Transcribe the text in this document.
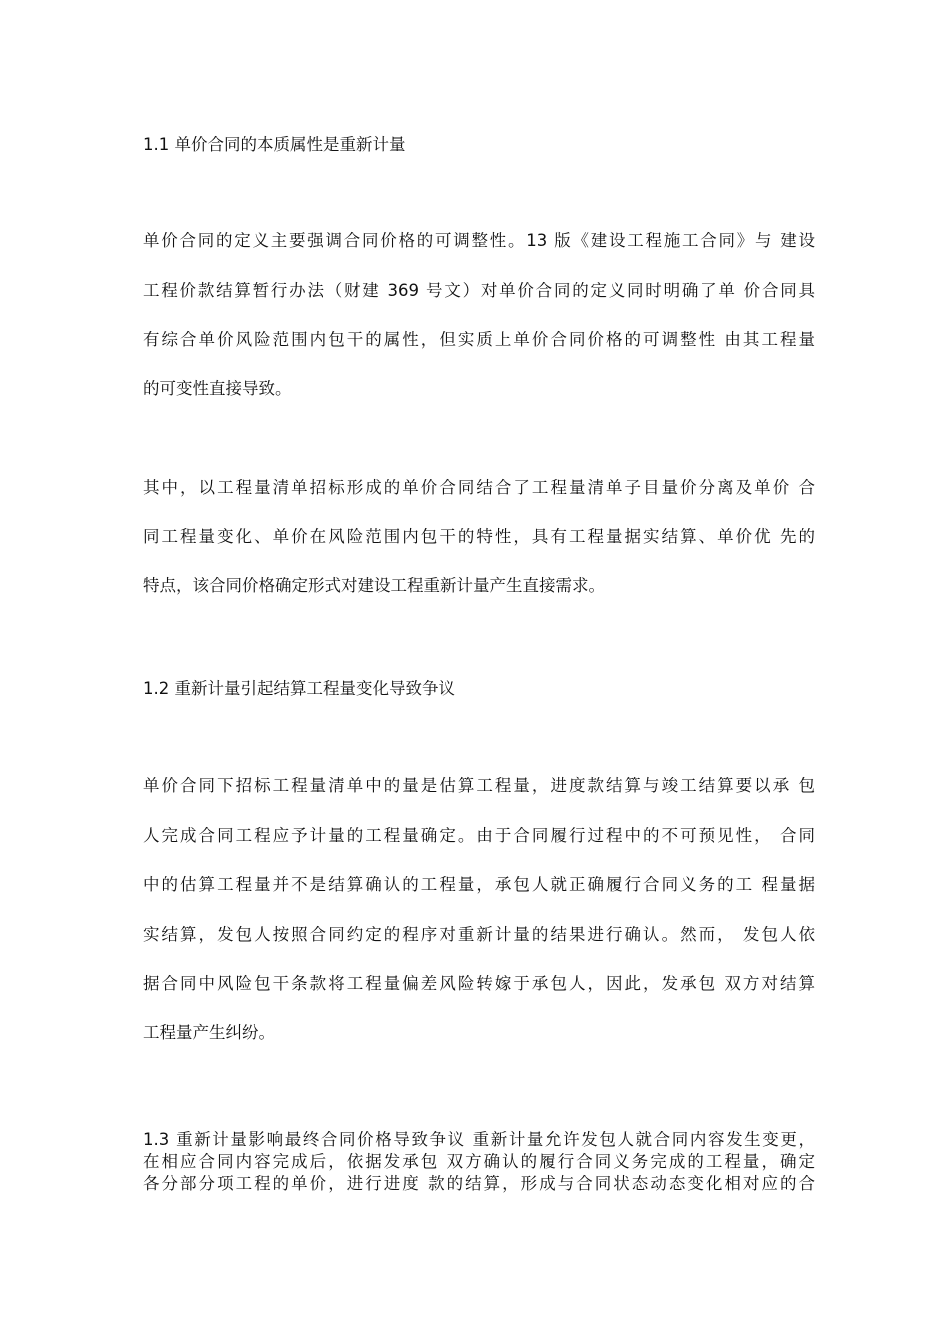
1.1 单价合同的本质属性是重新计量
单价合同的定义主要强调合同价格的可调整性。13 版《建设工程施工合同》与 建设
工程价款结算暂行办法（财建 369 号文）对单价合同的定义同时明确了单 价合同具
有综合单价风险范围内包干的属性，但实质上单价合同价格的可调整性 由其工程量
的可变性直接导致。
其中，以工程量清单招标形成的单价合同结合了工程量清单子目量价分离及单价 合
同工程量变化、单价在风险范围内包干的特性，具有工程量据实结算、单价优 先的
特点，该合同价格确定形式对建设工程重新计量产生直接需求。
1.2 重新计量引起结算工程量变化导致争议
单价合同下招标工程量清单中的量是估算工程量，进度款结算与竣工结算要以承 包
人完成合同工程应予计量的工程量确定。由于合同履行过程中的不可预见性， 合同
中的估算工程量并不是结算确认的工程量，承包人就正确履行合同义务的工 程量据
实结算，发包人按照合同约定的程序对重新计量的结果进行确认。然而， 发包人依
据合同中风险包干条款将工程量偏差风险转嫁于承包人，因此，发承包 双方对结算
工程量产生纠纷。
1.3 重新计量影响最终合同价格导致争议 重新计量允许发包人就合同内容发生变更，
在相应合同内容完成后，依据发承包 双方确认的履行合同义务完成的工程量，确定
各分部分项工程的单价，进行进度 款的结算，形成与合同状态动态变化相对应的合
